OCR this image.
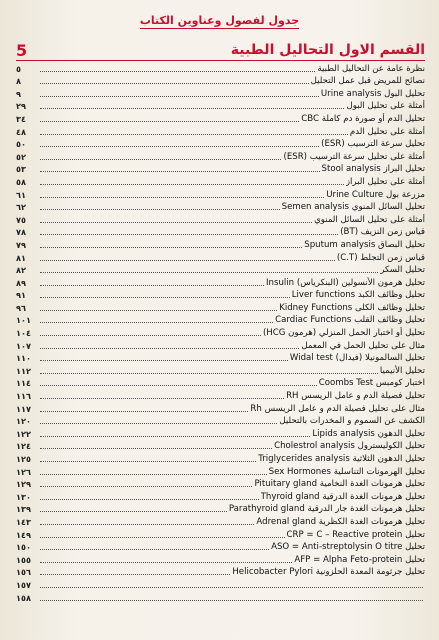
جدول لفصول وعناوين الكتاب
5	القسم الاول التحاليل الطبية
٥	نظرة عامة عن التحاليل الطبية
٨	نصائح للمريض قبل عمل التحليل
٩	تحليل البول Urine analysis
٢٩	أمثلة على تحليل البول
٣٤	تحليل الدم أو صورة دم كاملة CBC
٤٨	أمثلة على تحليل الدم
٥٠	تحليل سرعة الترسيب (ESR)
٥٢	أمثلة على تحليل سرعة الترسيب (ESR)
٥٣	تحليل البراز Stool analysis
٥٨	أمثلة على تحليل البراز
٦١	مزرعة بول Urine Culture
٦٢	تحليل السائل المنوي Semen analysis
٧٥	أمثلة على تحليل السائل المنوي
٧٨	قياس زمن النزيف (BT)
٧٩	تحليل البصاق Sputum analysis
٨١	قياس زمن التجلط (C.T)
٨٢	تحليل السكر
٨٩	تحليل هرمون الأنسولين (البنكرياس) Insulin
٩١	تحليل وظائف الكبد Liver functions
٩٦	تحليل وظائف الكلى Kidney Functions
١٠١	تحليل وظائف القلب Cardiac Functions
١٠٤	تحليل أو اختبار الحمل المنزلي (هرمون HCG)
١٠٧	مثال على تحليل الحمل في المعمل
١١٠	تحليل السالمونيلا (فيدال) Widal test
١١٢	تحليل الأنيميا
١١٤	اختبار كومبس Coombs Test
١١٦	تحليل فصيلة الدم و عامل الريسس RH
١١٧	مثال على تحليل فصيلة الدم و عامل الريسس Rh
١٢٠	الكشف عن السموم و المخدرات بالتحليل
١٢٢	تحليل الدهون Lipids analysis
١٢٤	تحليل الكوليسترول Cholestrol analysis
١٢٥	تحليل الدهون الثلاثية Triglycerides analysis
١٢٦	تحليل الهرمونات التناسلية Sex Hormones
١٢٩	تحليل هرمونات الغدة النخامية Pituitary gland
١٣٠	تحليل هرمونات الغدة الدرقية Thyroid gland
١٣٩	تحليل هرمونات الغدة جار الدرقية Parathyroid gland
١٤٣	تحليل هرمونات الغدة الكظرية Adrenal gland
١٤٩	تحليل CRP = C – Reactive protein
١٥٠	تحليل ASO = Anti-streptolysin O titre
١٥٥	تحليل AFP = Alpha Feto-protein
١٥٦	تحليل جرثومة المعدة الحلزونية Helicobacter Pylori
١٥٧
١٥٨
